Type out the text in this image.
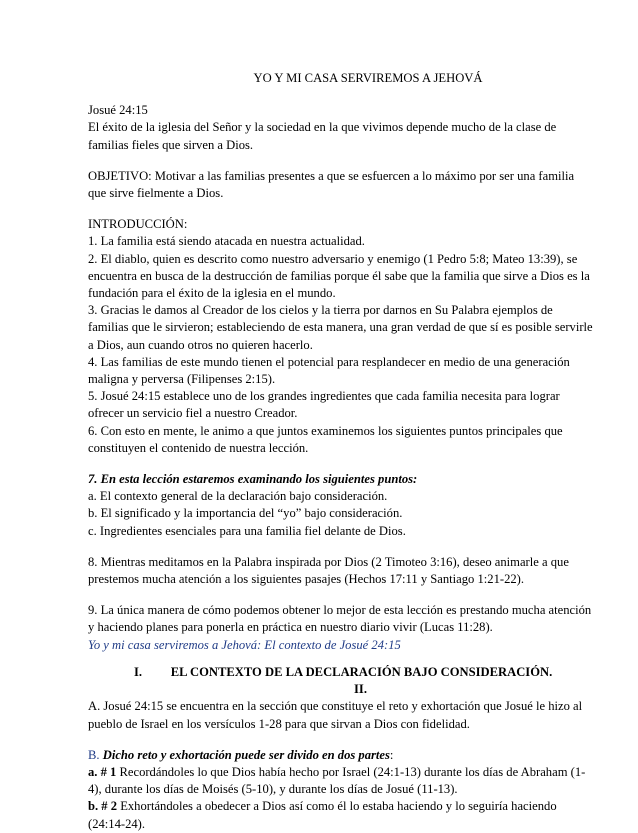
YO Y MI CASA SERVIREMOS A JEHOVÁ

Josué 24:15

El éxito de la iglesia del Señor y la sociedad en la que vivimos depende mucho de la clase de familias fieles que sirven a Dios.

OBJETIVO: Motivar a las familias presentes a que se esfuercen a lo máximo por ser una familia que sirve fielmente a Dios.

INTRODUCCIÓN:

1. La familia está siendo atacada en nuestra actualidad.

2. El diablo, quien es descrito como nuestro adversario y enemigo (1 Pedro 5:8; Mateo 13:39), se encuentra en busca de la destrucción de familias porque él sabe que la familia que sirve a Dios es la fundación para el éxito de la iglesia en el mundo.

3. Gracias le damos al Creador de los cielos y la tierra por darnos en Su Palabra ejemplos de familias que le sirvieron; estableciendo de esta manera, una gran verdad de que sí es posible servirle a Dios, aun cuando otros no quieren hacerlo.

4. Las familias de este mundo tienen el potencial para resplandecer en medio de una generación maligna y perversa (Filipenses 2:15).

5. Josué 24:15 establece uno de los grandes ingredientes que cada familia necesita para lograr ofrecer un servicio fiel a nuestro Creador.

6. Con esto en mente, le animo a que juntos examinemos los siguientes puntos principales que constituyen el contenido de nuestra lección.

7. En esta lección estaremos examinando los siguientes puntos:

a. El contexto general de la declaración bajo consideración.

b. El significado y la importancia del “yo” bajo consideración.

c. Ingredientes esenciales para una familia fiel delante de Dios.

8. Mientras meditamos en la Palabra inspirada por Dios (2 Timoteo 3:16), deseo animarle a que prestemos mucha atención a los siguientes pasajes (Hechos 17:11 y Santiago 1:21-22).

9. La única manera de cómo podemos obtener lo mejor de esta lección es prestando mucha atención y haciendo planes para ponerla en práctica en nuestro diario vivir (Lucas 11:28).

Yo y mi casa serviremos a Jehová: El contexto de Josué 24:15

I. EL CONTEXTO DE LA DECLARACIÓN BAJO CONSIDERACIÓN.
II.

A. Josué 24:15 se encuentra en la sección que constituye el reto y exhortación que Josué le hizo al pueblo de Israel en los versículos 1-28 para que sirvan a Dios con fidelidad.

B. Dicho reto y exhortación puede ser divido en dos partes:

a. # 1 Recordándoles lo que Dios había hecho por Israel (24:1-13) durante los días de Abraham (1-4), durante los días de Moisés (5-10), y durante los días de Josué (11-13).

b. # 2 Exhortándoles a obedecer a Dios así como él lo estaba haciendo y lo seguiría haciendo (24:14-24).
